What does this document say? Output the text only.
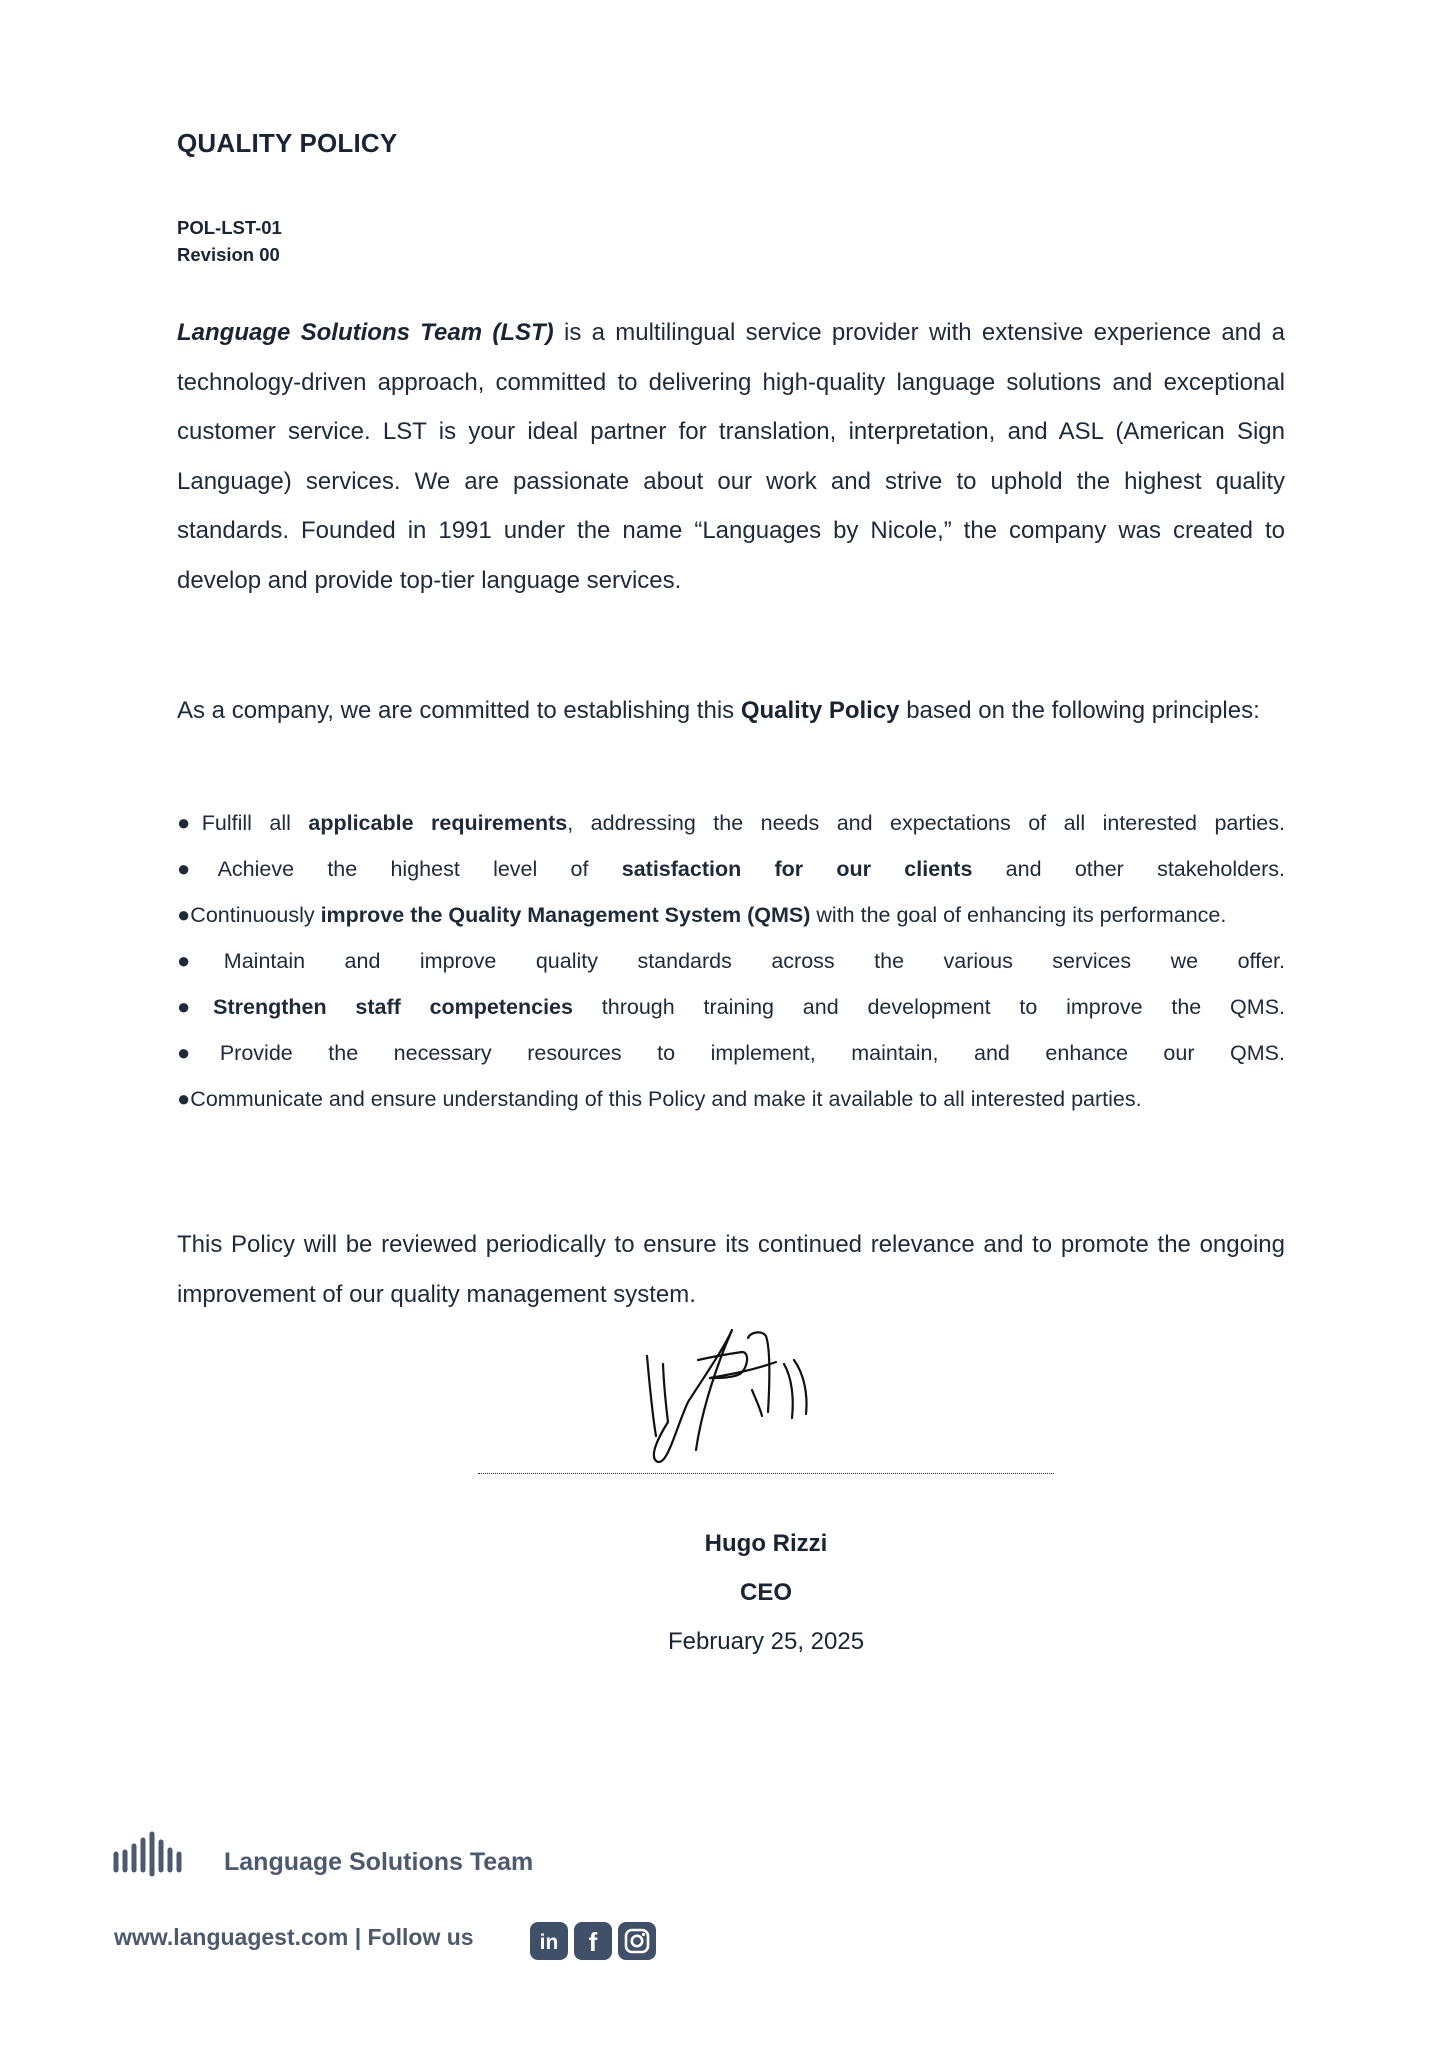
QUALITY POLICY
POL-LST-01
Revision 00

Language Solutions Team (LST) is a multilingual service provider with extensive experience and a technology-driven approach, committed to delivering high-quality language solutions and exceptional customer service. LST is your ideal partner for translation, interpretation, and ASL (American Sign Language) services. We are passionate about our work and strive to uphold the highest quality standards. Founded in 1991 under the name “Languages by Nicole,” the company was created to develop and provide top-tier language services.

As a company, we are committed to establishing this Quality Policy based on the following principles:

●Fulfill all applicable requirements, addressing the needs and expectations of all interested parties.
●Achieve the highest level of satisfaction for our clients and other stakeholders.
●Continuously improve the Quality Management System (QMS) with the goal of enhancing its performance.
●Maintain and improve quality standards across the various services we offer.
●Strengthen staff competencies through training and development to improve the QMS.
●Provide the necessary resources to implement, maintain, and enhance our QMS.
●Communicate and ensure understanding of this Policy and make it available to all interested parties.

This Policy will be reviewed periodically to ensure its continued relevance and to promote the ongoing improvement of our quality management system.

Hugo Rizzi
CEO
February 25, 2025
Language Solutions Team
www.languagest.com | Follow us	in f
